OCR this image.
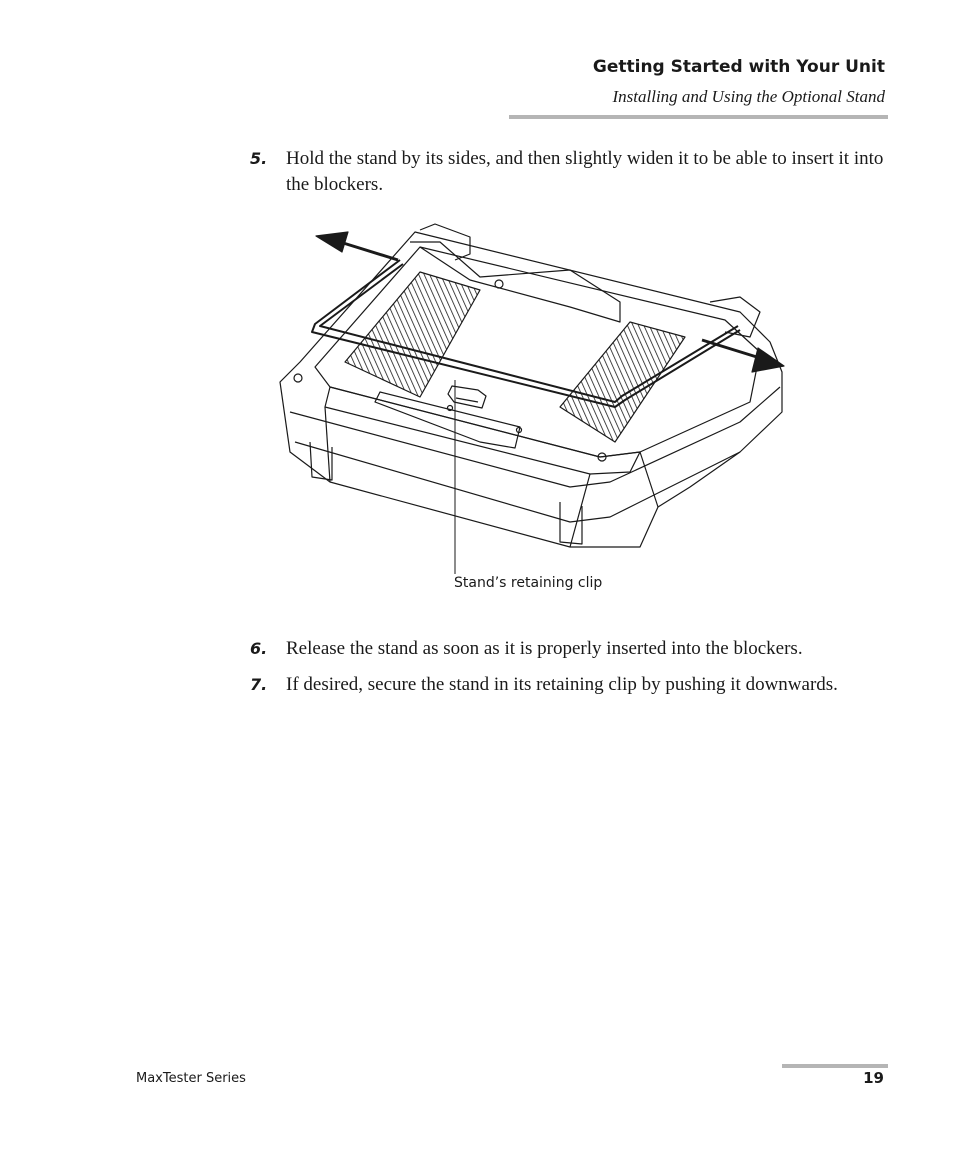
Getting Started with Your Unit
Installing and Using the Optional Stand
5. Hold the stand by its sides, and then slightly widen it to be able to insert it into the blockers.
Stand’s retaining clip
6. Release the stand as soon as it is properly inserted into the blockers.
7. If desired, secure the stand in its retaining clip by pushing it downwards.
MaxTester Series	19
